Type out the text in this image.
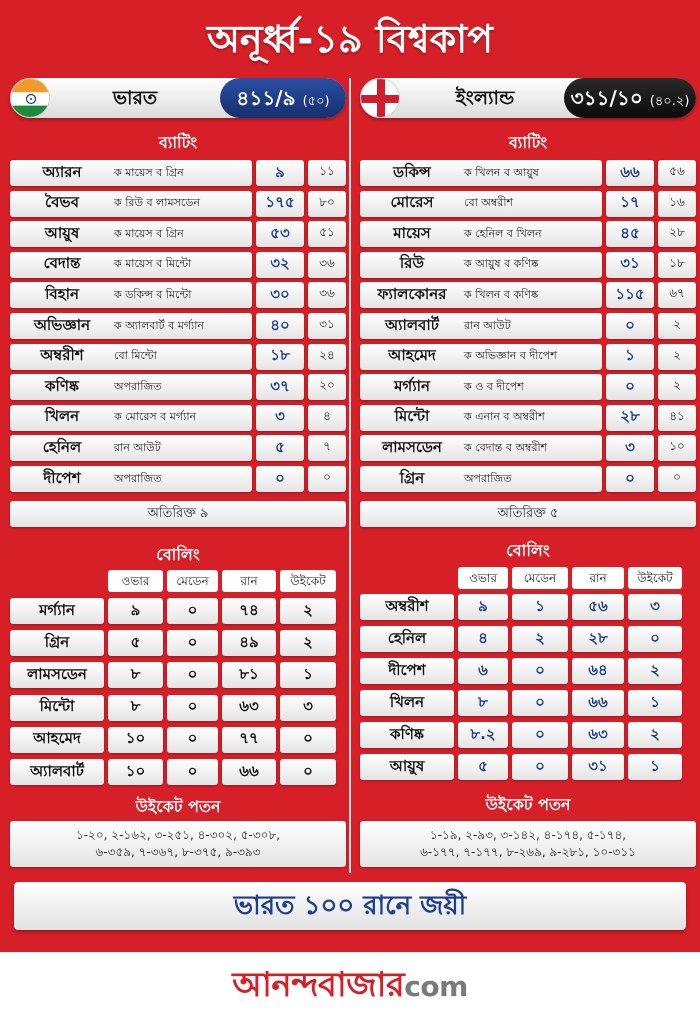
অনূর্ধ্ব-১৯ বিশ্বকাপ
ভারত	৪১১/৯ (৫০)
ব্যাটিং
অ্যারন	ক মায়েস ব গ্রিন	৯	১১
বৈভব	ক রিউ ব লামসডেন	১৭৫	৮০
আয়ুষ	ক মায়েস ব গ্রিন	৫৩	৫১
বেদান্ত	ক মায়েস ব মিন্টো	৩২	৩৬
বিহান	ক ডকিন্স ব মিন্টো	৩০	৩৬
অভিজ্ঞান	ক অ্যালবার্ট ব মর্গ্যান	৪০	৩১
অম্বরীশ	বো মিন্টো	১৮	২৪
কণিষ্ক	অপরাজিত	৩৭	২০
খিলন	ক মোরেস ব মর্গ্যান	৩	৪
হেনিল	রান আউট	৫	৭
দীপেশ	অপরাজিত	০	০
অতিরিক্ত ৯
বোলিং
ওভার	মেডেন	রান	উইকেট
মর্গ্যান	৯	০	৭৪	২
গ্রিন	৫	০	৪৯	২
লামসডেন	৮	০	৮১	১
মিন্টো	৮	০	৬৩	৩
আহমেদ	১০	০	৭৭	০
অ্যালবার্ট	১০	০	৬৬	০
উইকেট পতন
১-২০, ২-১৬২, ৩-২৫১, ৪-৩০২, ৫-৩০৮,
৬-৩৫৯, ৭-৩৬৭, ৮-৩৭৫, ৯-৩৯৩
ইংল্যান্ড	৩১১/১০ (৪০.২)
ব্যাটিং
ডকিন্স	ক খিলন ব আয়ুষ	৬৬	৫৬
মোরেস	বো অম্বরীশ	১৭	১৬
মায়েস	ক হেনিল ব খিলন	৪৫	২৮
রিউ	ক আয়ুষ ব কণিষ্ক	৩১	১৮
ফ্যালকোনর	ক খিলন ব কণিষ্ক	১১৫	৬৭
অ্যালবার্ট	রান আউট	০	২
আহমেদ	ক অভিজ্ঞান ব দীপেশ	১	২
মর্গ্যান	ক ও ব দীপেশ	০	২
মিন্টো	ক এনান ব অম্বরীশ	২৮	৪১
লামসডেন	ক বেদান্ত ব অম্বরীশ	৩	১০
গ্রিন	অপরাজিত	০	০
অতিরিক্ত ৫
বোলিং
ওভার	মেডেন	রান	উইকেট
অম্বরীশ	৯	১	৫৬	৩
হেনিল	৪	২	২৮	০
দীপেশ	৬	০	৬৪	২
খিলন	৮	০	৬৬	১
কণিষ্ক	৮.২	০	৬৩	২
আয়ুষ	৫	০	৩১	১
উইকেট পতন
১-১৯, ২-৯৩, ৩-১৪২, ৪-১৭৪, ৫-১৭৪,
৬-১৭৭, ৭-১৭৭, ৮-২৬৯, ৯-২৮১, ১০-৩১১
ভারত ১০০ রানে জয়ী
আনন্দবাজারcom
